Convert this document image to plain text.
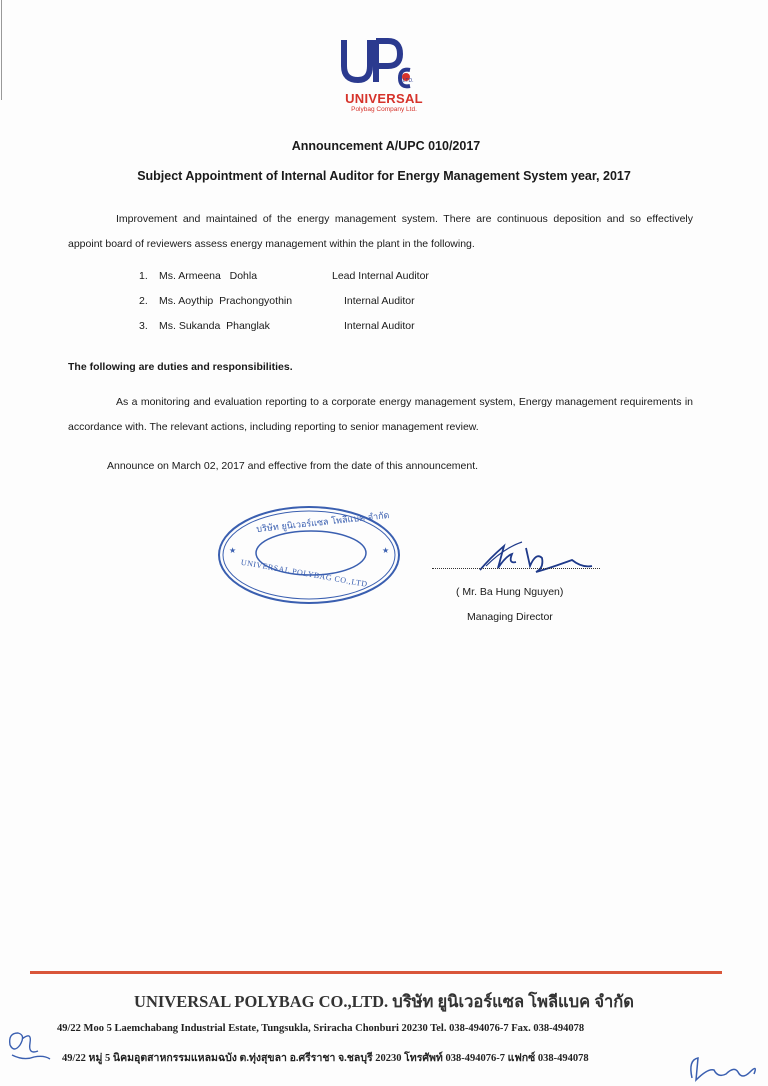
LTD.
UNIVERSAL
Polybag Company Ltd.
Announcement A/UPC 010/2017
Subject Appointment of Internal Auditor for Energy Management System year, 2017

Improvement and maintained of the energy management system. There are continuous deposition and so effectively appoint board of reviewers assess energy management within the plant in the following.

1.	Ms. Armeena   Dohla	Lead Internal Auditor
2.	Ms. Aoythip  Prachongyothin	Internal Auditor
3.	Ms. Sukanda  Phanglak	Internal Auditor
The following are duties and responsibilities.

As a monitoring and evaluation reporting to a corporate energy management system, Energy management requirements in accordance with. The relevant actions, including reporting to senior management review.

Announce on March 02, 2017 and effective from the date of this announcement.
★	★
บริษัท ยูนิเวอร์แซล โพลีแบค จำกัด
UNIVERSAL POLYBAG CO.,LTD.
( Mr. Ba Hung Nguyen)
Managing Director
UNIVERSAL POLYBAG CO.,LTD. บริษัท ยูนิเวอร์แซล โพลีแบค จำกัด
49/22 Moo 5 Laemchabang Industrial Estate, Tungsukla, Sriracha Chonburi 20230 Tel. 038-494076-7 Fax. 038-494078
49/22 หมู่ 5 นิคมอุตสาหกรรมแหลมฉบัง ต.ทุ่งสุขลา อ.ศรีราชา จ.ชลบุรี 20230 โทรศัพท์ 038-494076-7 แฟกซ์ 038-494078
